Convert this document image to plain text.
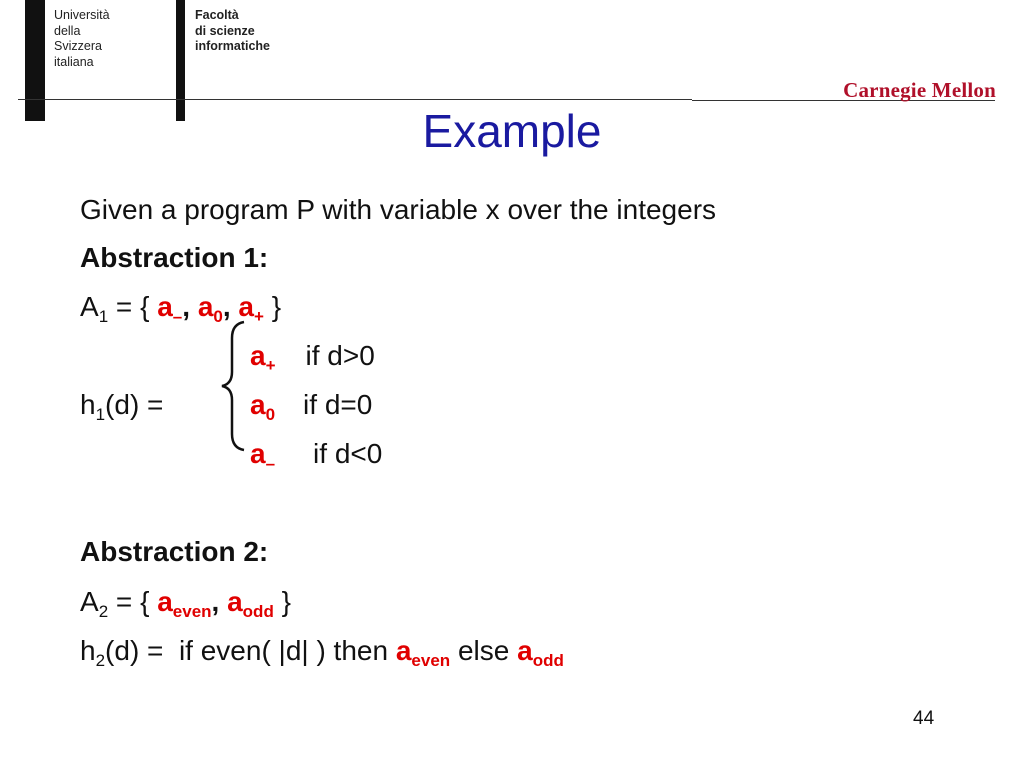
Università
della
Svizzera
italiana
Facoltà
di scienze
informatiche
Carnegie Mellon
Example
Given a program P with variable x over the integers
Abstraction 1:
$A_1$ = { $a_-$, $a_0$, $a_+$ }
$a_+$ if d>0
$h_1(d)$ =	$a_0$ if d=0
$a_-$ if d<0
Abstraction 2:
$A_2$ = { $a_{even}$, $a_{odd}$ }
$h_2(d)$ =  if even( |d| ) then $a_{even}$ else $a_{odd}$
44
